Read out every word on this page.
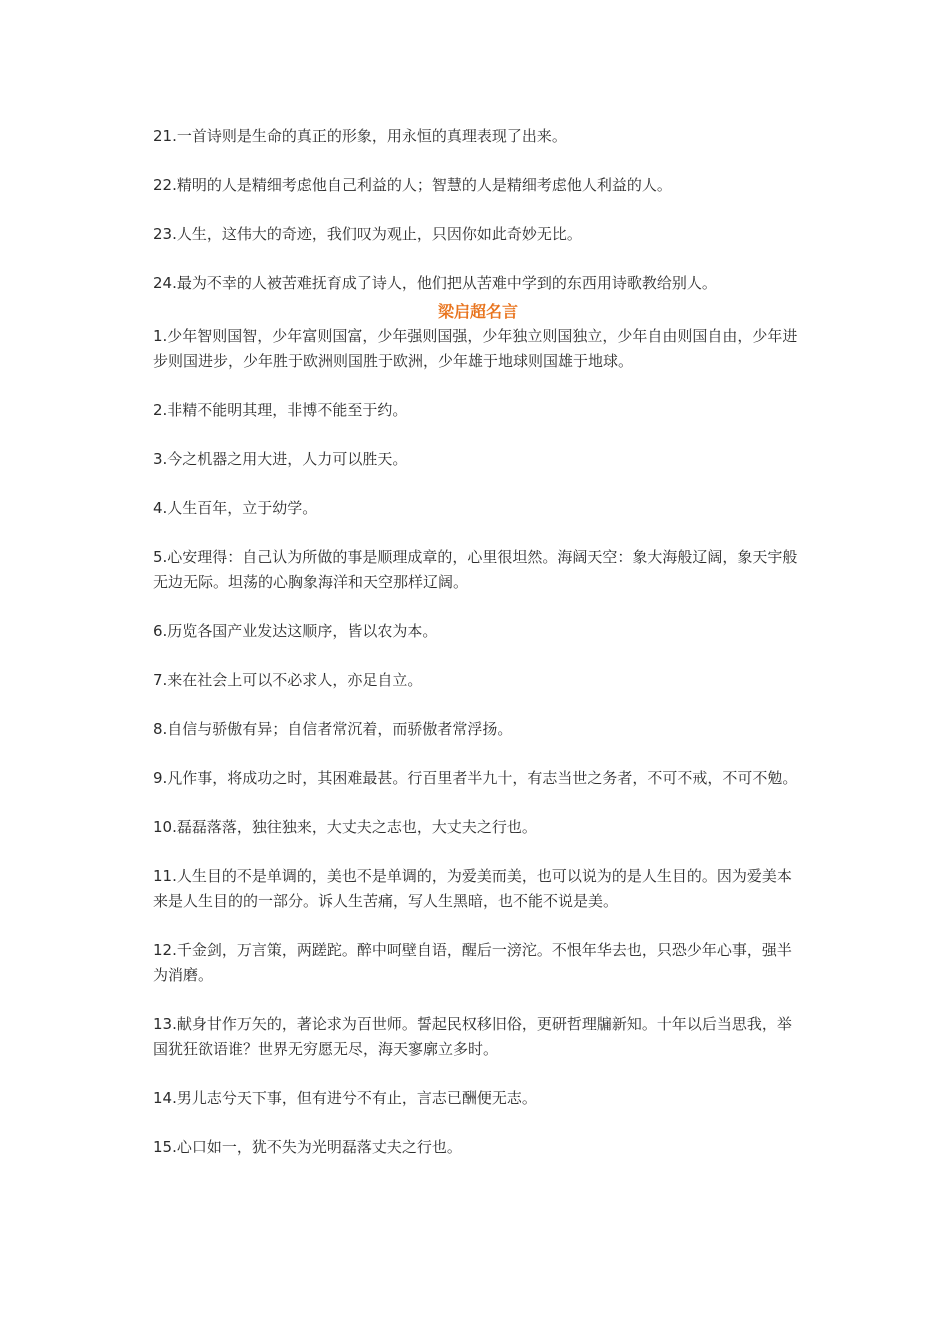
21.一首诗则是生命的真正的形象，用永恒的真理表现了出来。

22.精明的人是精细考虑他自己利益的人；智慧的人是精细考虑他人利益的人。

23.人生，这伟大的奇迹，我们叹为观止，只因你如此奇妙无比。

24.最为不幸的人被苦难抚育成了诗人，他们把从苦难中学到的东西用诗歌教给别人。

梁启超名言

1.少年智则国智，少年富则国富，少年强则国强，少年独立则国独立，少年自由则国自由，少年进步则国进步，少年胜于欧洲则国胜于欧洲，少年雄于地球则国雄于地球。

2.非精不能明其理，非博不能至于约。

3.今之机器之用大进，人力可以胜天。

4.人生百年，立于幼学。

5.心安理得：自己认为所做的事是顺理成章的，心里很坦然。海阔天空：象大海般辽阔，象天宇般无边无际。坦荡的心胸象海洋和天空那样辽阔。

6.历览各国产业发达这顺序，皆以农为本。

7.来在社会上可以不必求人，亦足自立。

8.自信与骄傲有异；自信者常沉着，而骄傲者常浮扬。

9.凡作事，将成功之时，其困难最甚。行百里者半九十，有志当世之务者，不可不戒，不可不勉。

10.磊磊落落，独往独来，大丈夫之志也，大丈夫之行也。

11.人生目的不是单调的，美也不是单调的，为爱美而美，也可以说为的是人生目的。因为爱美本来是人生目的的一部分。诉人生苦痛，写人生黑暗，也不能不说是美。

12.千金剑，万言策，两蹉跎。醉中呵壁自语，醒后一滂沱。不恨年华去也，只恐少年心事，强半为消磨。

13.献身甘作万矢的，著论求为百世师。誓起民权移旧俗，更研哲理牖新知。十年以后当思我，举国犹狂欲语谁？世界无穷愿无尽，海天寥廓立多时。

14.男儿志兮天下事，但有进兮不有止，言志已酬便无志。

15.心口如一，犹不失为光明磊落丈夫之行也。
